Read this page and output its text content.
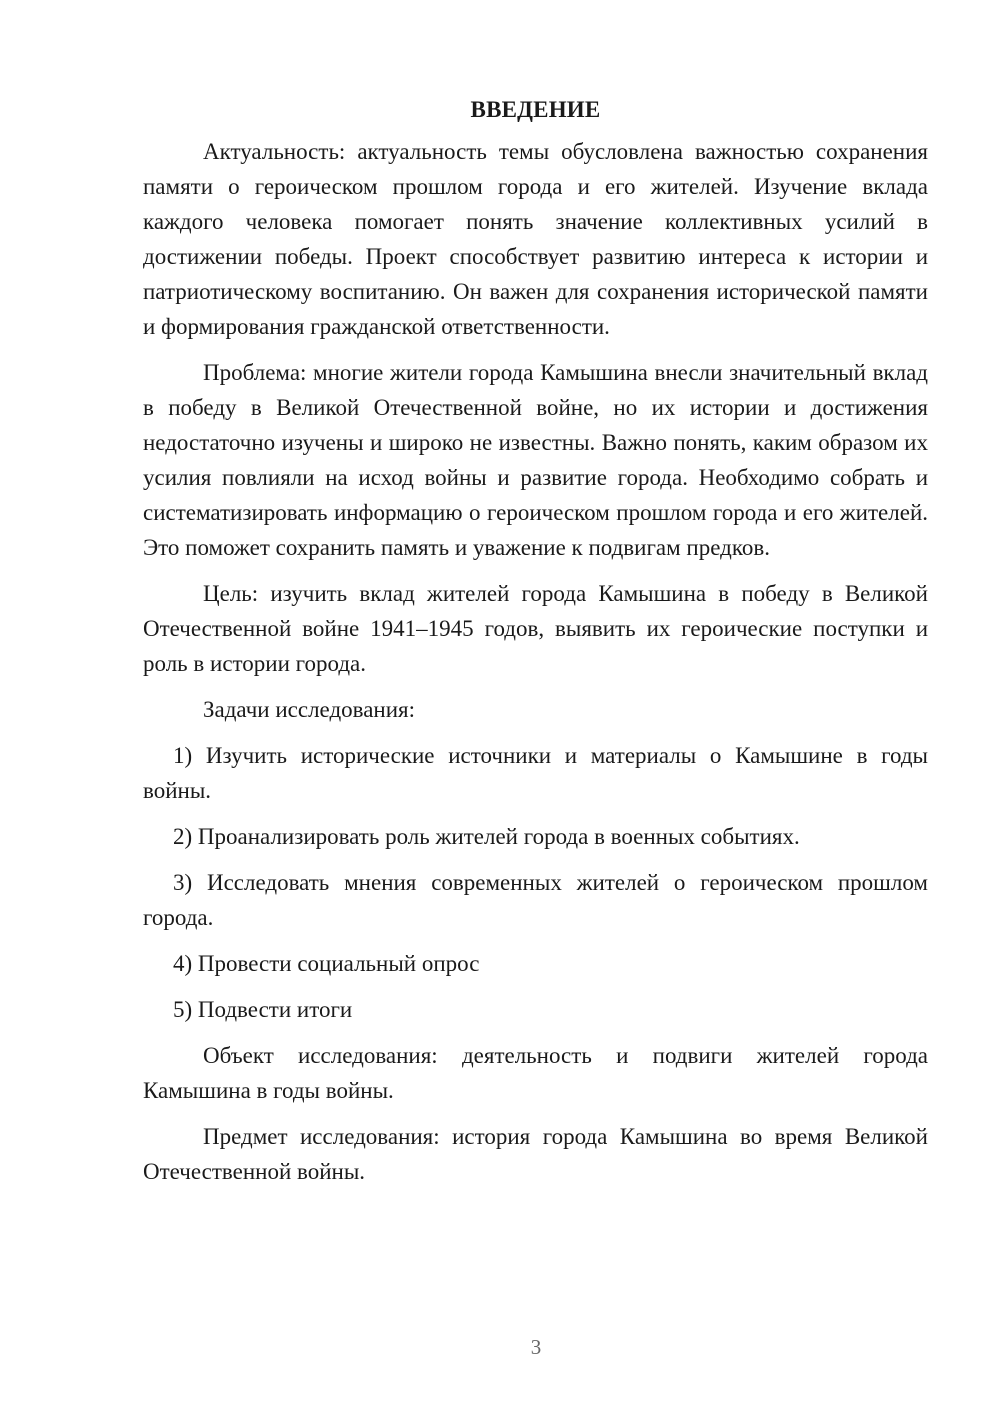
ВВЕДЕНИЕ

Актуальность: актуальность темы обусловлена важностью сохранения памяти о героическом прошлом города и его жителей. Изучение вклада каждого человека помогает понять значение коллективных усилий в достижении победы. Проект способствует развитию интереса к истории и патриотическому воспитанию. Он важен для сохранения исторической памяти и формирования гражданской ответственности.

Проблема: многие жители города Камышина внесли значительный вклад в победу в Великой Отечественной войне, но их истории и достижения недостаточно изучены и широко не известны. Важно понять, каким образом их усилия повлияли на исход войны и развитие города. Необходимо собрать и систематизировать информацию о героическом прошлом города и его жителей. Это поможет сохранить память и уважение к подвигам предков.

Цель: изучить вклад жителей города Камышина в победу в Великой Отечественной войне 1941–1945 годов, выявить их героические поступки и роль в истории города.

Задачи исследования:

1) Изучить исторические источники и материалы о Камышине в годы войны.

2) Проанализировать роль жителей города в военных событиях.

3) Исследовать мнения современных жителей о героическом прошлом города.

4) Провести социальный опрос

5) Подвести итоги

Объект исследования: деятельность и подвиги жителей города Камышина в годы войны.

Предмет исследования: история города Камышина во время Великой Отечественной войны.

3
